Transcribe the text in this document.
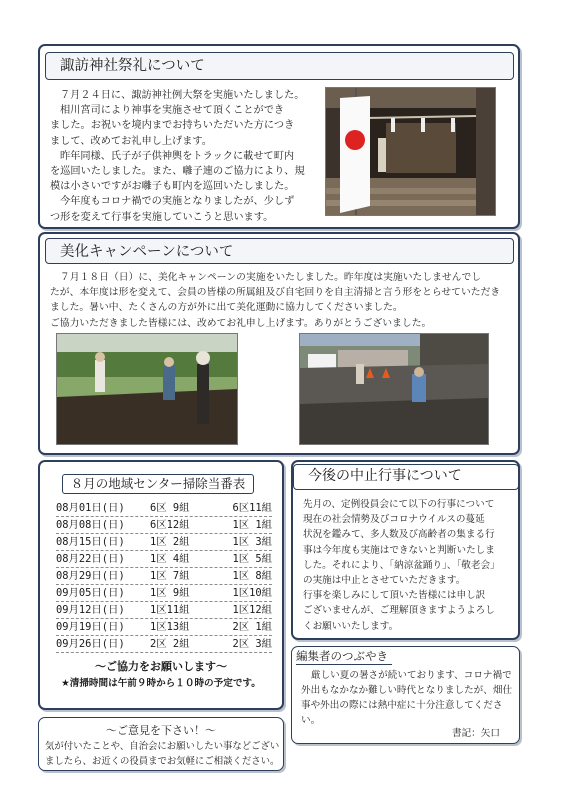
諏訪神社祭礼について

７月２４日に、諏訪神社例大祭を実施いたしました。

相川宮司により神事を実施させて頂くことができ

ました。お祝いを境内までお持ちいただいた方につき

まして、改めてお礼申し上げます。

昨年同様、氏子が子供神輿をトラックに載せて町内

を巡回いたしました。また、囃子連のご協力により、規

模は小さいですがお囃子も町内を巡回いたしました。

今年度もコロナ禍での実施となりましたが、少しず

つ形を変えて行事を実施していこうと思います。

美化キャンペーンについて

７月１８日（日）に、美化キャンペーンの実施をいたしました。昨年度は実施いたしませんでし

たが、本年度は形を変えて、会員の皆様の所属組及び自宅回りを自主清掃と言う形をとらせていただき

ました。暑い中、たくさんの方が外に出て美化運動に協力してくださいました。

ご協力いただきました皆様には、改めてお礼申し上げます。ありがとうございました。

８月の地域センター掃除当番表
08月01日(日) 6区 9組	6区11組
08月08日(日) 6区12組	1区 1組
08月15日(日) 1区 2組	1区 3組
08月22日(日) 1区 4組	1区 5組
08月29日(日) 1区 7組	1区 8組
09月05日(日) 1区 9組	1区10組
09月12日(日) 1区11組	1区12組
09月19日(日) 1区13組	2区 1組
09月26日(日) 2区 2組	2区 3組
～ご協力をお願いします～
★清掃時間は午前９時から１０時の予定です。
～ご意見を下さい！～
気が付いたことや、自治会にお願いしたい事などござい
ましたら、お近くの役員までお気軽にご相談ください。
今後の中止行事について

先月の、定例役員会にて以下の行事について

現在の社会情勢及びコロナウイルスの蔓延

状況を鑑みて、多人数及び高齢者の集まる行

事は今年度も実施はできないと判断いたしま

した。それにより、「納涼盆踊り」、「敬老会」

の実施は中止とさせていただきます。

行事を楽しみにして頂いた皆様には申し訳

ございませんが、ご理解頂きますようよろし

くお願いいたします。

編集者のつぶやき

厳しい夏の暑さが続いております、コロナ禍で

外出もなかなか難しい時代となりましたが、畑仕

事や外出の際には熱中症に十分注意してくださ

い。

書記：矢口
